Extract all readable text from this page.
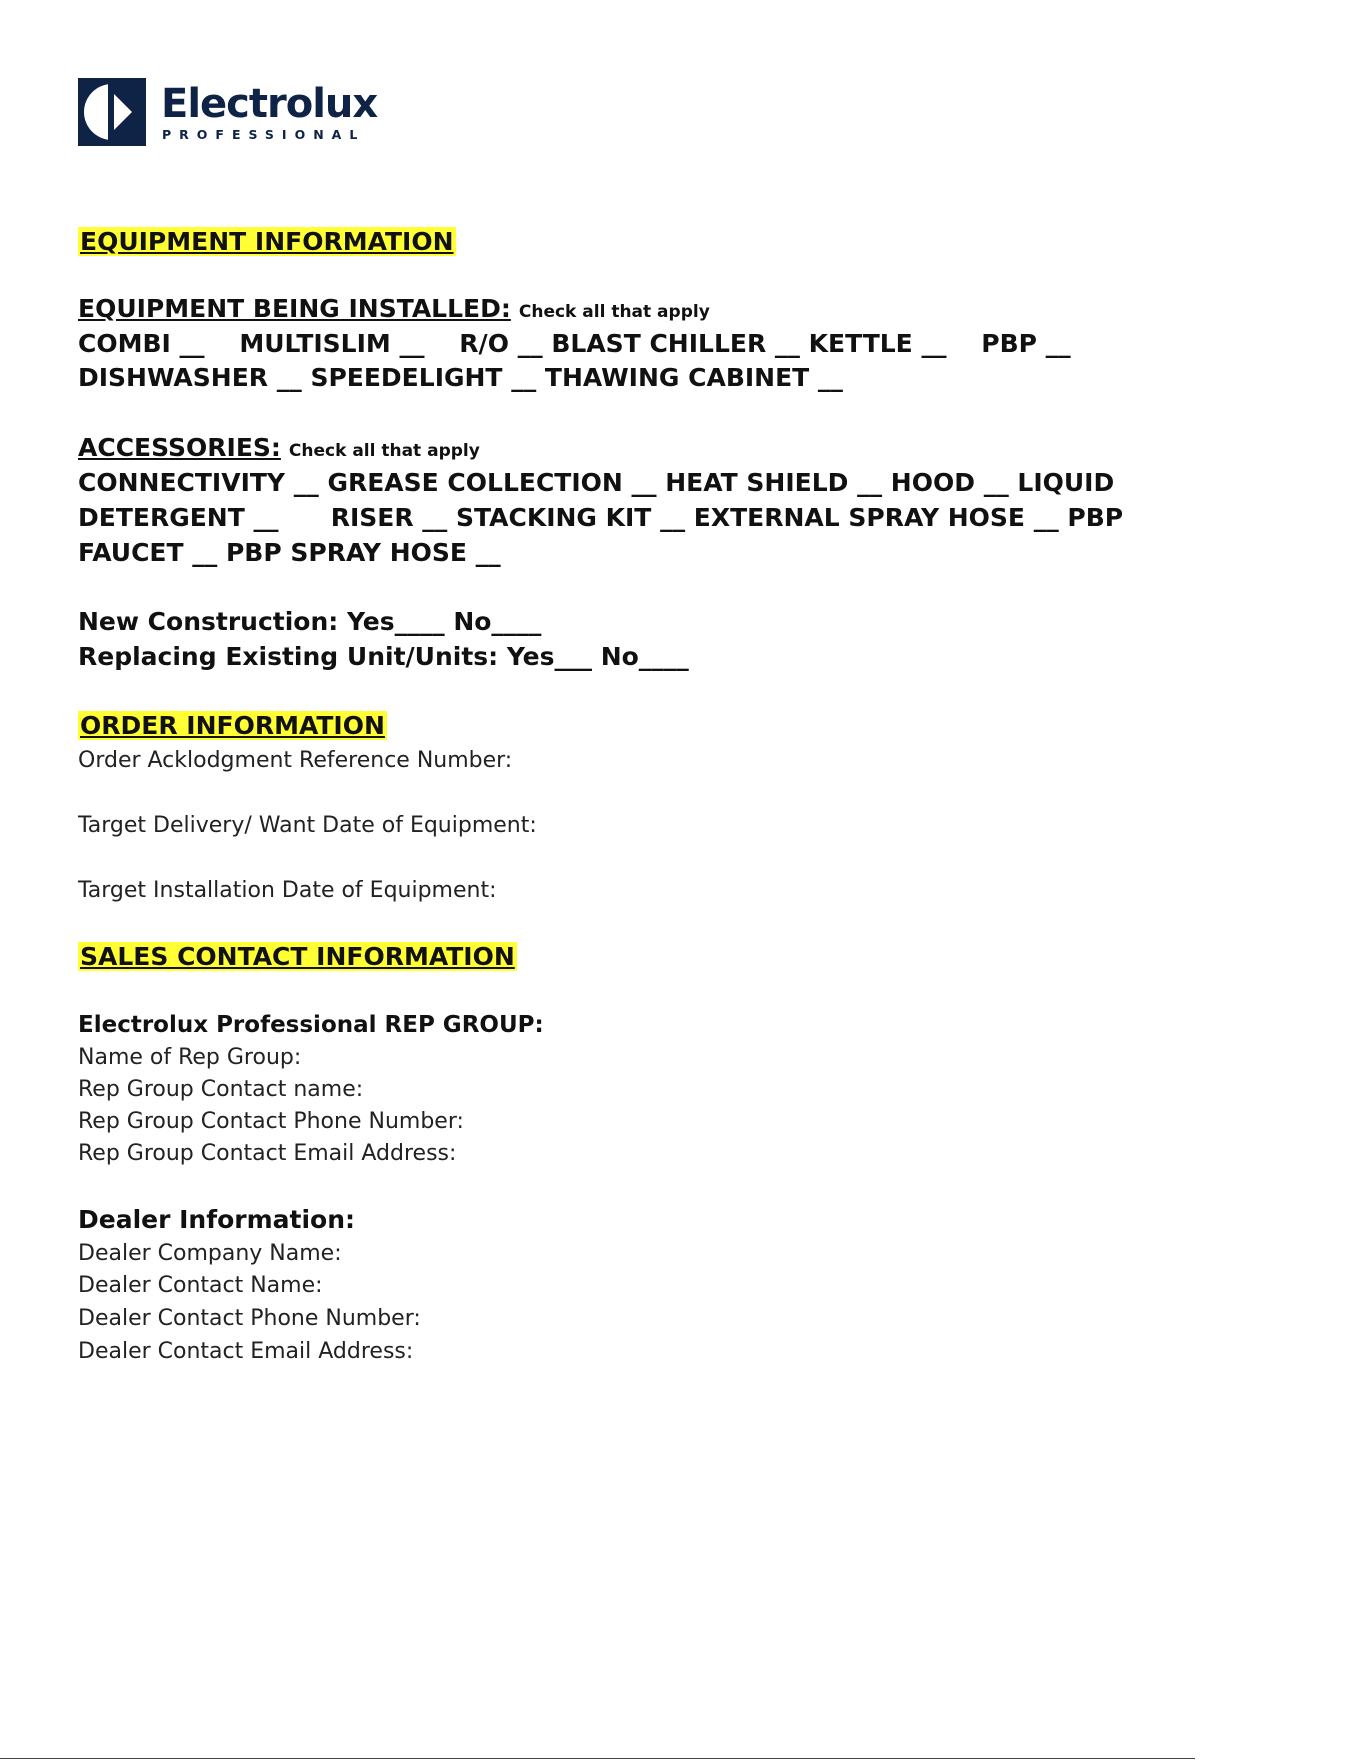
Electrolux
PROFESSIONAL
EQUIPMENT INFORMATION
EQUIPMENT BEING INSTALLED: Check all that apply
COMBI __    MULTISLIM __    R/O __ BLAST CHILLER __ KETTLE __    PBP __
DISHWASHER __ SPEEDELIGHT __ THAWING CABINET __
ACCESSORIES: Check all that apply
CONNECTIVITY __ GREASE COLLECTION __ HEAT SHIELD __ HOOD __ LIQUID
DETERGENT __      RISER __ STACKING KIT __ EXTERNAL SPRAY HOSE __ PBP
FAUCET __ PBP SPRAY HOSE __
New Construction: Yes____ No____
Replacing Existing Unit/Units: Yes___ No____
ORDER INFORMATION
Order Acklodgment Reference Number:
Target Delivery/ Want Date of Equipment:
Target Installation Date of Equipment:
SALES CONTACT INFORMATION
Electrolux Professional REP GROUP:
Name of Rep Group:
Rep Group Contact name:
Rep Group Contact Phone Number:
Rep Group Contact Email Address:
Dealer Information:
Dealer Company Name:
Dealer Contact Name:
Dealer Contact Phone Number:
Dealer Contact Email Address:
